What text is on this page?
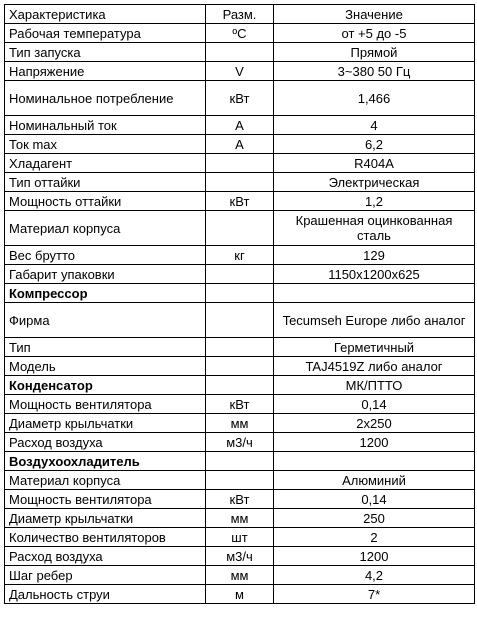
Характеристика	Разм.	Значение
Рабочая температура	ºС	от +5 до -5
Тип запуска		Прямой
Напряжение	V	3~380 50 Гц
Номинальное потребление	кВт	1,466
Номинальный ток	А	4
Ток max	А	6,2
Хладагент		R404A
Тип оттайки		Электрическая
Мощность оттайки	кВт	1,2
Материал корпуса		Крашенная оцинкованная сталь
Вес брутто	кг	129
Габарит упаковки		1150х1200х625
Компрессор		
Фирма		Tecumseh Europe либо аналог
Тип		Герметичный
Модель		TAJ4519Z либо аналог
Конденсатор		МК/ПТТО
Мощность вентилятора	кВт	0,14
Диаметр крыльчатки	мм	2х250
Расход воздуха	м3/ч	1200
Воздухоохладитель		
Материал корпуса		Алюминий
Мощность вентилятора	кВт	0,14
Диаметр крыльчатки	мм	250
Количество вентиляторов	шт	2
Расход воздуха	м3/ч	1200
Шаг ребер	мм	4,2
Дальность струи	м	7*
